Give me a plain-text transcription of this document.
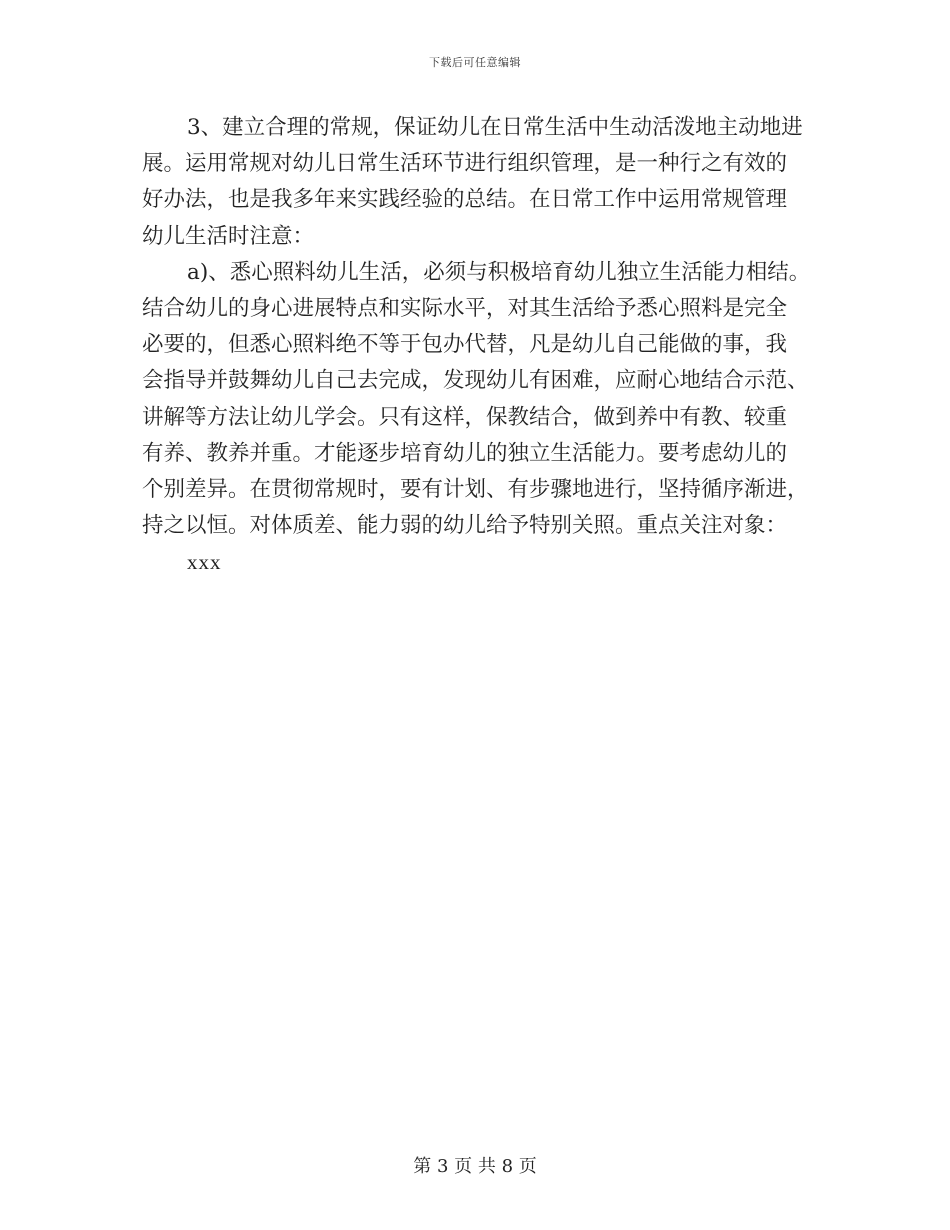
下载后可任意编辑
3、建立合理的常规，保证幼儿在日常生活中生动活泼地主动地进
展。运用常规对幼儿日常生活环节进行组织管理，是一种行之有效的
好办法，也是我多年来实践经验的总结。在日常工作中运用常规管理
幼儿生活时注意：
a)、悉心照料幼儿生活，必须与积极培育幼儿独立生活能力相结。
结合幼儿的身心进展特点和实际水平，对其生活给予悉心照料是完全
必要的，但悉心照料绝不等于包办代替，凡是幼儿自己能做的事，我
会指导并鼓舞幼儿自己去完成，发现幼儿有困难，应耐心地结合示范、
讲解等方法让幼儿学会。只有这样，保教结合，做到养中有教、较重
有养、教养并重。才能逐步培育幼儿的独立生活能力。要考虑幼儿的
个别差异。在贯彻常规时，要有计划、有步骤地进行，坚持循序渐进，
持之以恒。对体质差、能力弱的幼儿给予特别关照。重点关注对象：
xxx
第 3 页 共 8 页
